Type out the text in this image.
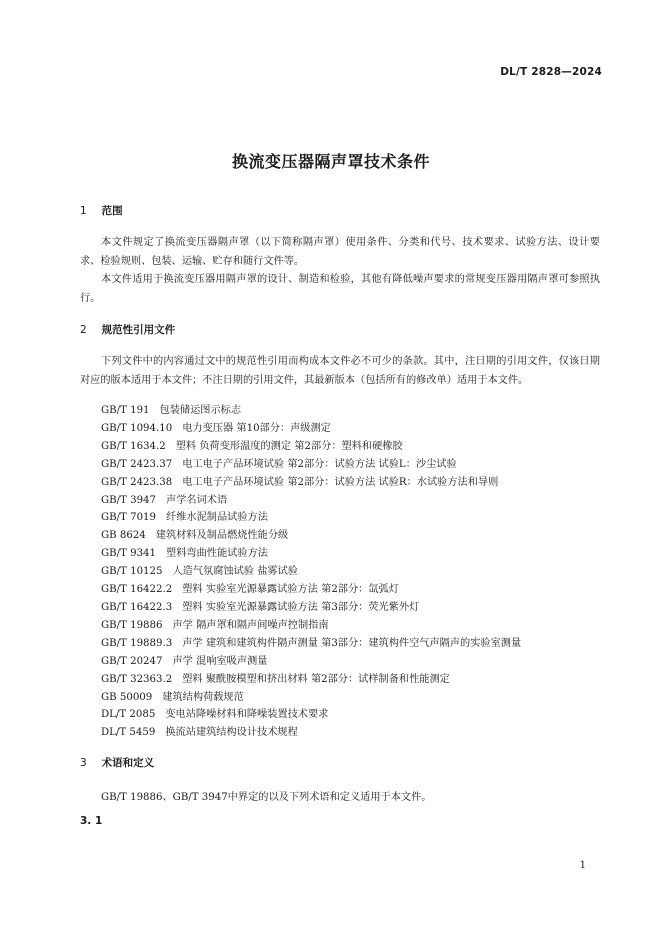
DL/T 2828—2024
换流变压器隔声罩技术条件
1 范围
本文件规定了换流变压器隔声罩（以下简称隔声罩）使用条件、分类和代号、技术要求、试验方法、设计要求、检验规则、包装、运输、贮存和随行文件等。
本文件适用于换流变压器用隔声罩的设计、制造和检验，其他有降低噪声要求的常规变压器用隔声罩可参照执行。
2 规范性引用文件
下列文件中的内容通过文中的规范性引用而构成本文件必不可少的条款。其中，注日期的引用文件，仅该日期对应的版本适用于本文件；不注日期的引用文件，其最新版本（包括所有的修改单）适用于本文件。
GB/T 191 包装储运图示标志
GB/T 1094.10 电力变压器 第10部分：声级测定
GB/T 1634.2 塑料 负荷变形温度的测定 第2部分：塑料和硬橡胶
GB/T 2423.37 电工电子产品环境试验 第2部分：试验方法 试验L：沙尘试验
GB/T 2423.38 电工电子产品环境试验 第2部分：试验方法 试验R：水试验方法和导则
GB/T 3947 声学名词术语
GB/T 7019 纤维水泥制品试验方法
GB 8624 建筑材料及制品燃烧性能分级
GB/T 9341 塑料弯曲性能试验方法
GB/T 10125 人造气氛腐蚀试验 盐雾试验
GB/T 16422.2 塑料 实验室光源暴露试验方法 第2部分：氙弧灯
GB/T 16422.3 塑料 实验室光源暴露试验方法 第3部分：荧光紫外灯
GB/T 19886 声学 隔声罩和隔声间噪声控制指南
GB/T 19889.3 声学 建筑和建筑构件隔声测量 第3部分：建筑构件空气声隔声的实验室测量
GB/T 20247 声学 混响室吸声测量
GB/T 32363.2 塑料 聚酰胺模塑和挤出材料 第2部分：试样制备和性能测定
GB 50009 建筑结构荷载规范
DL/T 2085 变电站降噪材料和降噪装置技术要求
DL/T 5459 换流站建筑结构设计技术规程
3 术语和定义
GB/T 19886、GB/T 3947中界定的以及下列术语和定义适用于本文件。
3. 1
1
